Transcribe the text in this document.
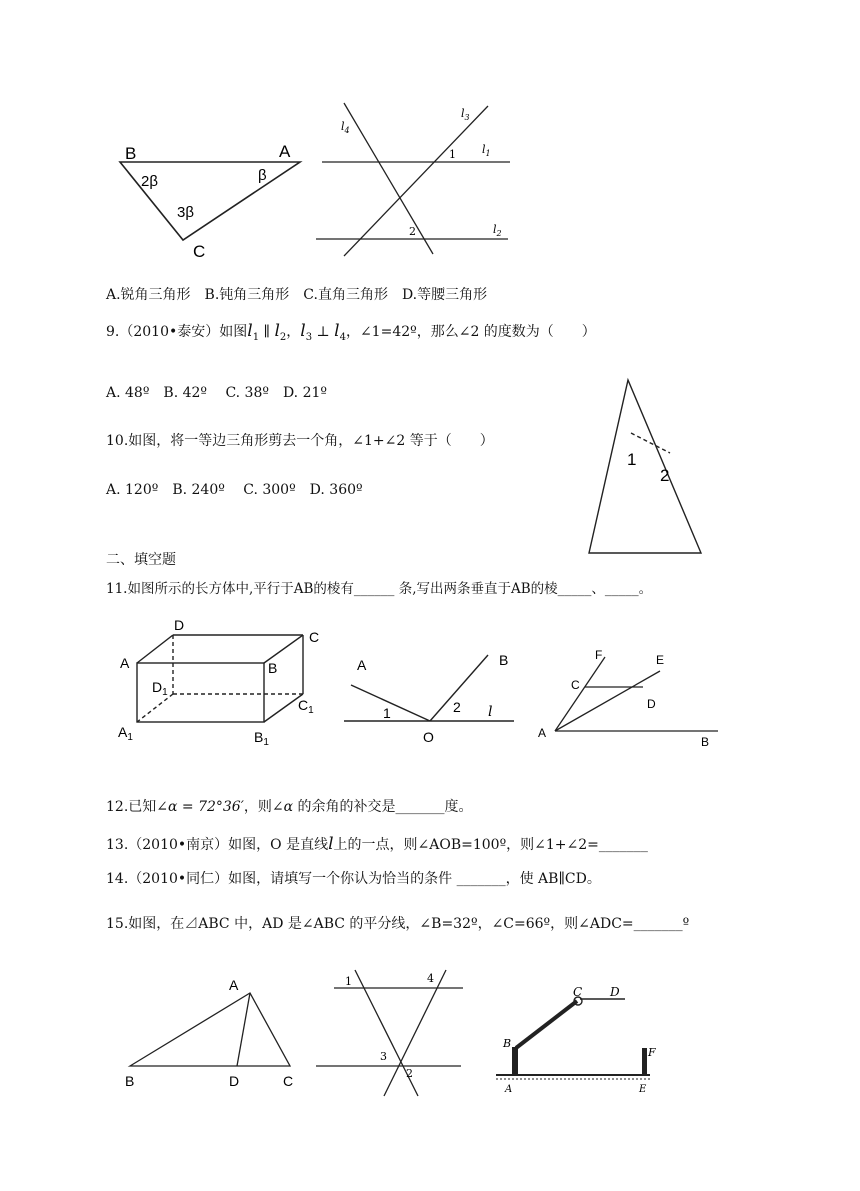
B	A
C
2β	β
3β
$l_4$
$l_3$
$l_1$
$l_2$
1
2
1
2
D
C
A	B
$D_1$
$C_1$
$A_1$	$B_1$
A	B
O
1	2 l
F	E
C
D
A
B
A
B	D	C
1	4
3
2
C D
B
F
A	E
A.锐角三角形　B.钝角三角形　C.直角三角形　D.等腰三角形
9.（2010•泰安）如图$l_1$ ∥ $l_2$，$l_3$ ⊥ $l_4$，∠1=42º，那么∠2 的度数为（　　）
A. 48º　B. 42º　 C. 38º　D. 21º
10.如图，将一等边三角形剪去一个角，∠1+∠2 等于（　　）
A. 120º　B. 240º　 C. 300º　D. 360º
二、填空题
11.如图所示的长方体中,平行于AB的棱有______ 条,写出两条垂直于AB的棱_____、_____。
12.已知∠α = 72°36′，则∠α 的余角的补交是_______度。
13.（2010•南京）如图，O 是直线l上的一点，则∠AOB=100º，则∠1+∠2=_______
14.（2010•同仁）如图，请填写一个你认为恰当的条件 _______，使 AB∥CD。
15.如图，在⊿ABC 中，AD 是∠ABC 的平分线，∠B=32º，∠C=66º，则∠ADC=_______º
